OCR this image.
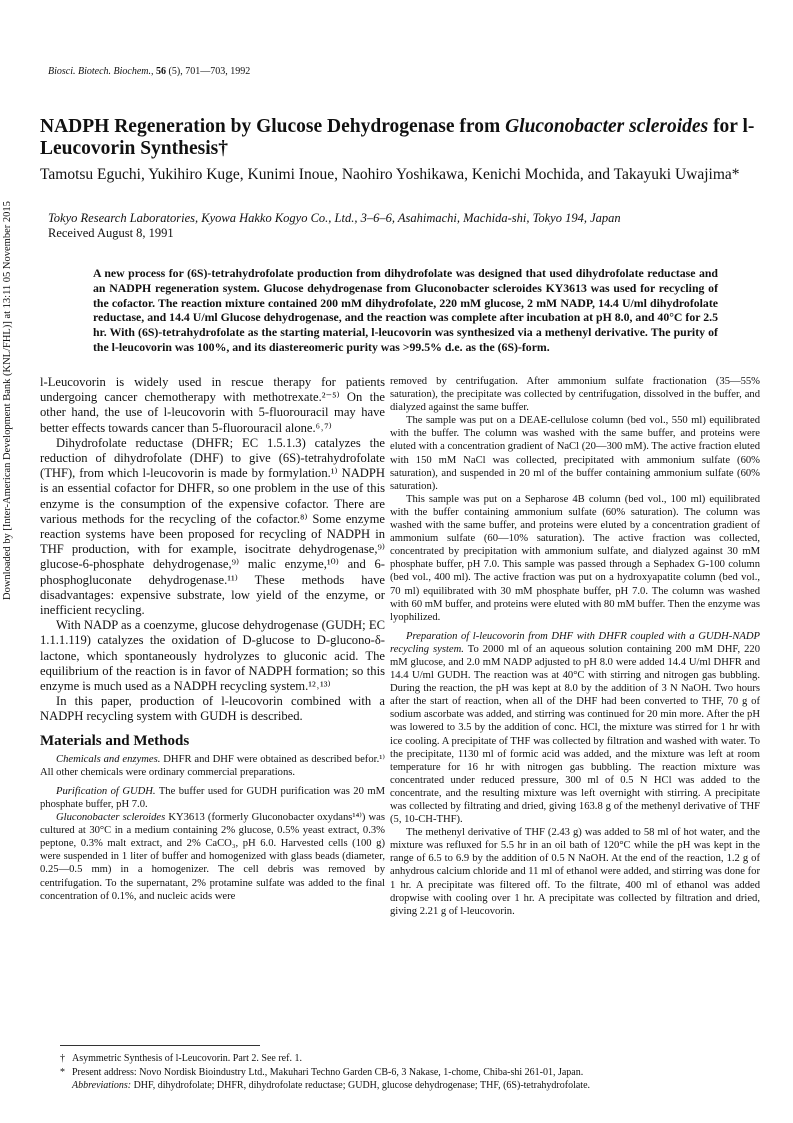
Downloaded by [Inter-American Development Bank (KNL/FHL)] at 13:11 05 November 2015
Biosci. Biotech. Biochem., 56 (5), 701—703, 1992
NADPH Regeneration by Glucose Dehydrogenase from Gluconobacter scleroides for l-Leucovorin Synthesis†
Tamotsu Eguchi, Yukihiro Kuge, Kunimi Inoue, Naohiro Yoshikawa, Kenichi Mochida, and Takayuki Uwajima*
Tokyo Research Laboratories, Kyowa Hakko Kogyo Co., Ltd., 3–6–6, Asahimachi, Machida-shi, Tokyo 194, Japan
Received August 8, 1991
A new process for (6S)-tetrahydrofolate production from dihydrofolate was designed that used dihydrofolate reductase and an NADPH regeneration system. Glucose dehydrogenase from Gluconobacter scleroides KY3613 was used for recycling of the cofactor. The reaction mixture contained 200 mM dihydrofolate, 220 mM glucose, 2 mM NADP, 14.4 U/ml dihydrofolate reductase, and 14.4 U/ml Glucose dehydrogenase, and the reaction was complete after incubation at pH 8.0, and 40°C for 2.5 hr. With (6S)-tetrahydrofolate as the starting material, l-leucovorin was synthesized via a methenyl derivative. The purity of the l-leucovorin was 100%, and its diastereomeric purity was >99.5% d.e. as the (6S)-form.

l-Leucovorin is widely used in rescue therapy for patients undergoing cancer chemotherapy with methotrexate.²⁻⁵⁾ On the other hand, the use of l-leucovorin with 5-fluorouracil may have better effects towards cancer than 5-fluorouracil alone.⁶˒⁷⁾

Dihydrofolate reductase (DHFR; EC 1.5.1.3) catalyzes the reduction of dihydrofolate (DHF) to give (6S)-tetrahydrofolate (THF), from which l-leucovorin is made by formylation.¹⁾ NADPH is an essential cofactor for DHFR, so one problem in the use of this enzyme is the consumption of the expensive cofactor. There are various methods for the recycling of the cofactor.⁸⁾ Some enzyme reaction systems have been proposed for recycling of NADPH in THF production, with for example, isocitrate dehydrogenase,⁹⁾ glucose-6-phosphate dehydrogenase,⁹⁾ malic enzyme,¹⁰⁾ and 6-phosphogluconate dehydrogenase.¹¹⁾ These methods have disadvantages: expensive substrate, low yield of the enzyme, or inefficient recycling.

With NADP as a coenzyme, glucose dehydrogenase (GUDH; EC 1.1.1.119) catalyzes the oxidation of D-glucose to D-glucono-δ-lactone, which spontaneously hydrolyzes to gluconic acid. The equilibrium of the reaction is in favor of NADPH formation; so this enzyme is much used as a NADPH recycling system.¹²˒¹³⁾

In this paper, production of l-leucovorin combined with a NADPH recycling system with GUDH is described.

Materials and Methods

Chemicals and enzymes. DHFR and DHF were obtained as described befor.¹⁾ All other chemicals were ordinary commercial preparations.

Purification of GUDH. The buffer used for GUDH purification was 20 mM phosphate buffer, pH 7.0.

Gluconobacter scleroides KY3613 (formerly Gluconobacter oxydans¹⁴⁾) was cultured at 30°C in a medium containing 2% glucose, 0.5% yeast extract, 0.3% peptone, 0.3% malt extract, and 2% CaCO₃, pH 6.0. Harvested cells (100 g) were suspended in 1 liter of buffer and homogenized with glass beads (diameter, 0.25—0.5 mm) in a homogenizer. The cell debris was removed by centrifugation. To the supernatant, 2% protamine sulfate was added to the final concentration of 0.1%, and nucleic acids were

removed by centrifugation. After ammonium sulfate fractionation (35—55% saturation), the precipitate was collected by centrifugation, dissolved in the buffer, and dialyzed against the same buffer.

The sample was put on a DEAE-cellulose column (bed vol., 550 ml) equilibrated with the buffer. The column was washed with the same buffer, and proteins were eluted with a concentration gradient of NaCl (20—300 mM). The active fraction eluted with 150 mM NaCl was collected, precipitated with ammonium sulfate (60% saturation), and suspended in 20 ml of the buffer containing ammonium sulfate (60% saturation).

This sample was put on a Sepharose 4B column (bed vol., 100 ml) equilibrated with the buffer containing ammonium sulfate (60% saturation). The column was washed with the same buffer, and proteins were eluted by a concentration gradient of ammonium sulfate (60—10% saturation). The active fraction was collected, concentrated by precipitation with ammonium sulfate, and dialyzed against 30 mM phosphate buffer, pH 7.0. This sample was passed through a Sephadex G-100 column (bed vol., 400 ml). The active fraction was put on a hydroxyapatite column (bed vol., 70 ml) equilibrated with 30 mM phosphate buffer, pH 7.0. The column was washed with 60 mM buffer, and proteins were eluted with 80 mM buffer. Then the enzyme was lyophilized.

Preparation of l-leucovorin from DHF with DHFR coupled with a GUDH-NADP recycling system. To 2000 ml of an aqueous solution containing 200 mM DHF, 220 mM glucose, and 2.0 mM NADP adjusted to pH 8.0 were added 14.4 U/ml DHFR and 14.4 U/ml GUDH. The reaction was at 40°C with stirring and nitrogen gas bubbling. During the reaction, the pH was kept at 8.0 by the addition of 3 N NaOH. Two hours after the start of reaction, when all of the DHF had been converted to THF, 70 g of sodium ascorbate was added, and stirring was continued for 20 min more. After the pH was lowered to 3.5 by the addition of conc. HCl, the mixture was stirred for 1 hr with ice cooling. A precipitate of THF was collected by filtration and washed with water. To the precipitate, 1130 ml of formic acid was added, and the mixture was left at room temperature for 16 hr with nitrogen gas bubbling. The reaction mixture was concentrated under reduced pressure, 300 ml of 0.5 N HCl was added to the concentrate, and the resulting mixture was left overnight with stirring. A precipitate was collected by filtrating and dried, giving 163.8 g of the methenyl derivative of THF (5, 10-CH-THF).

The methenyl derivative of THF (2.43 g) was added to 58 ml of hot water, and the mixture was refluxed for 5.5 hr in an oil bath of 120°C while the pH was kept in the range of 6.5 to 6.9 by the addition of 0.5 N NaOH. At the end of the reaction, 1.2 g of anhydrous calcium chloride and 11 ml of ethanol were added, and stirring was done for 1 hr. A precipitate was filtered off. To the filtrate, 400 ml of ethanol was added dropwise with cooling over 1 hr. A precipitate was collected by filtration and dried, giving 2.21 g of l-leucovorin.

† Asymmetric Synthesis of l-Leucovorin. Part 2. See ref. 1.
* Present address: Novo Nordisk Bioindustry Ltd., Makuhari Techno Garden CB-6, 3 Nakase, 1-chome, Chiba-shi 261-01, Japan.
Abbreviations: DHF, dihydrofolate; DHFR, dihydrofolate reductase; GUDH, glucose dehydrogenase; THF, (6S)-tetrahydrofolate.
